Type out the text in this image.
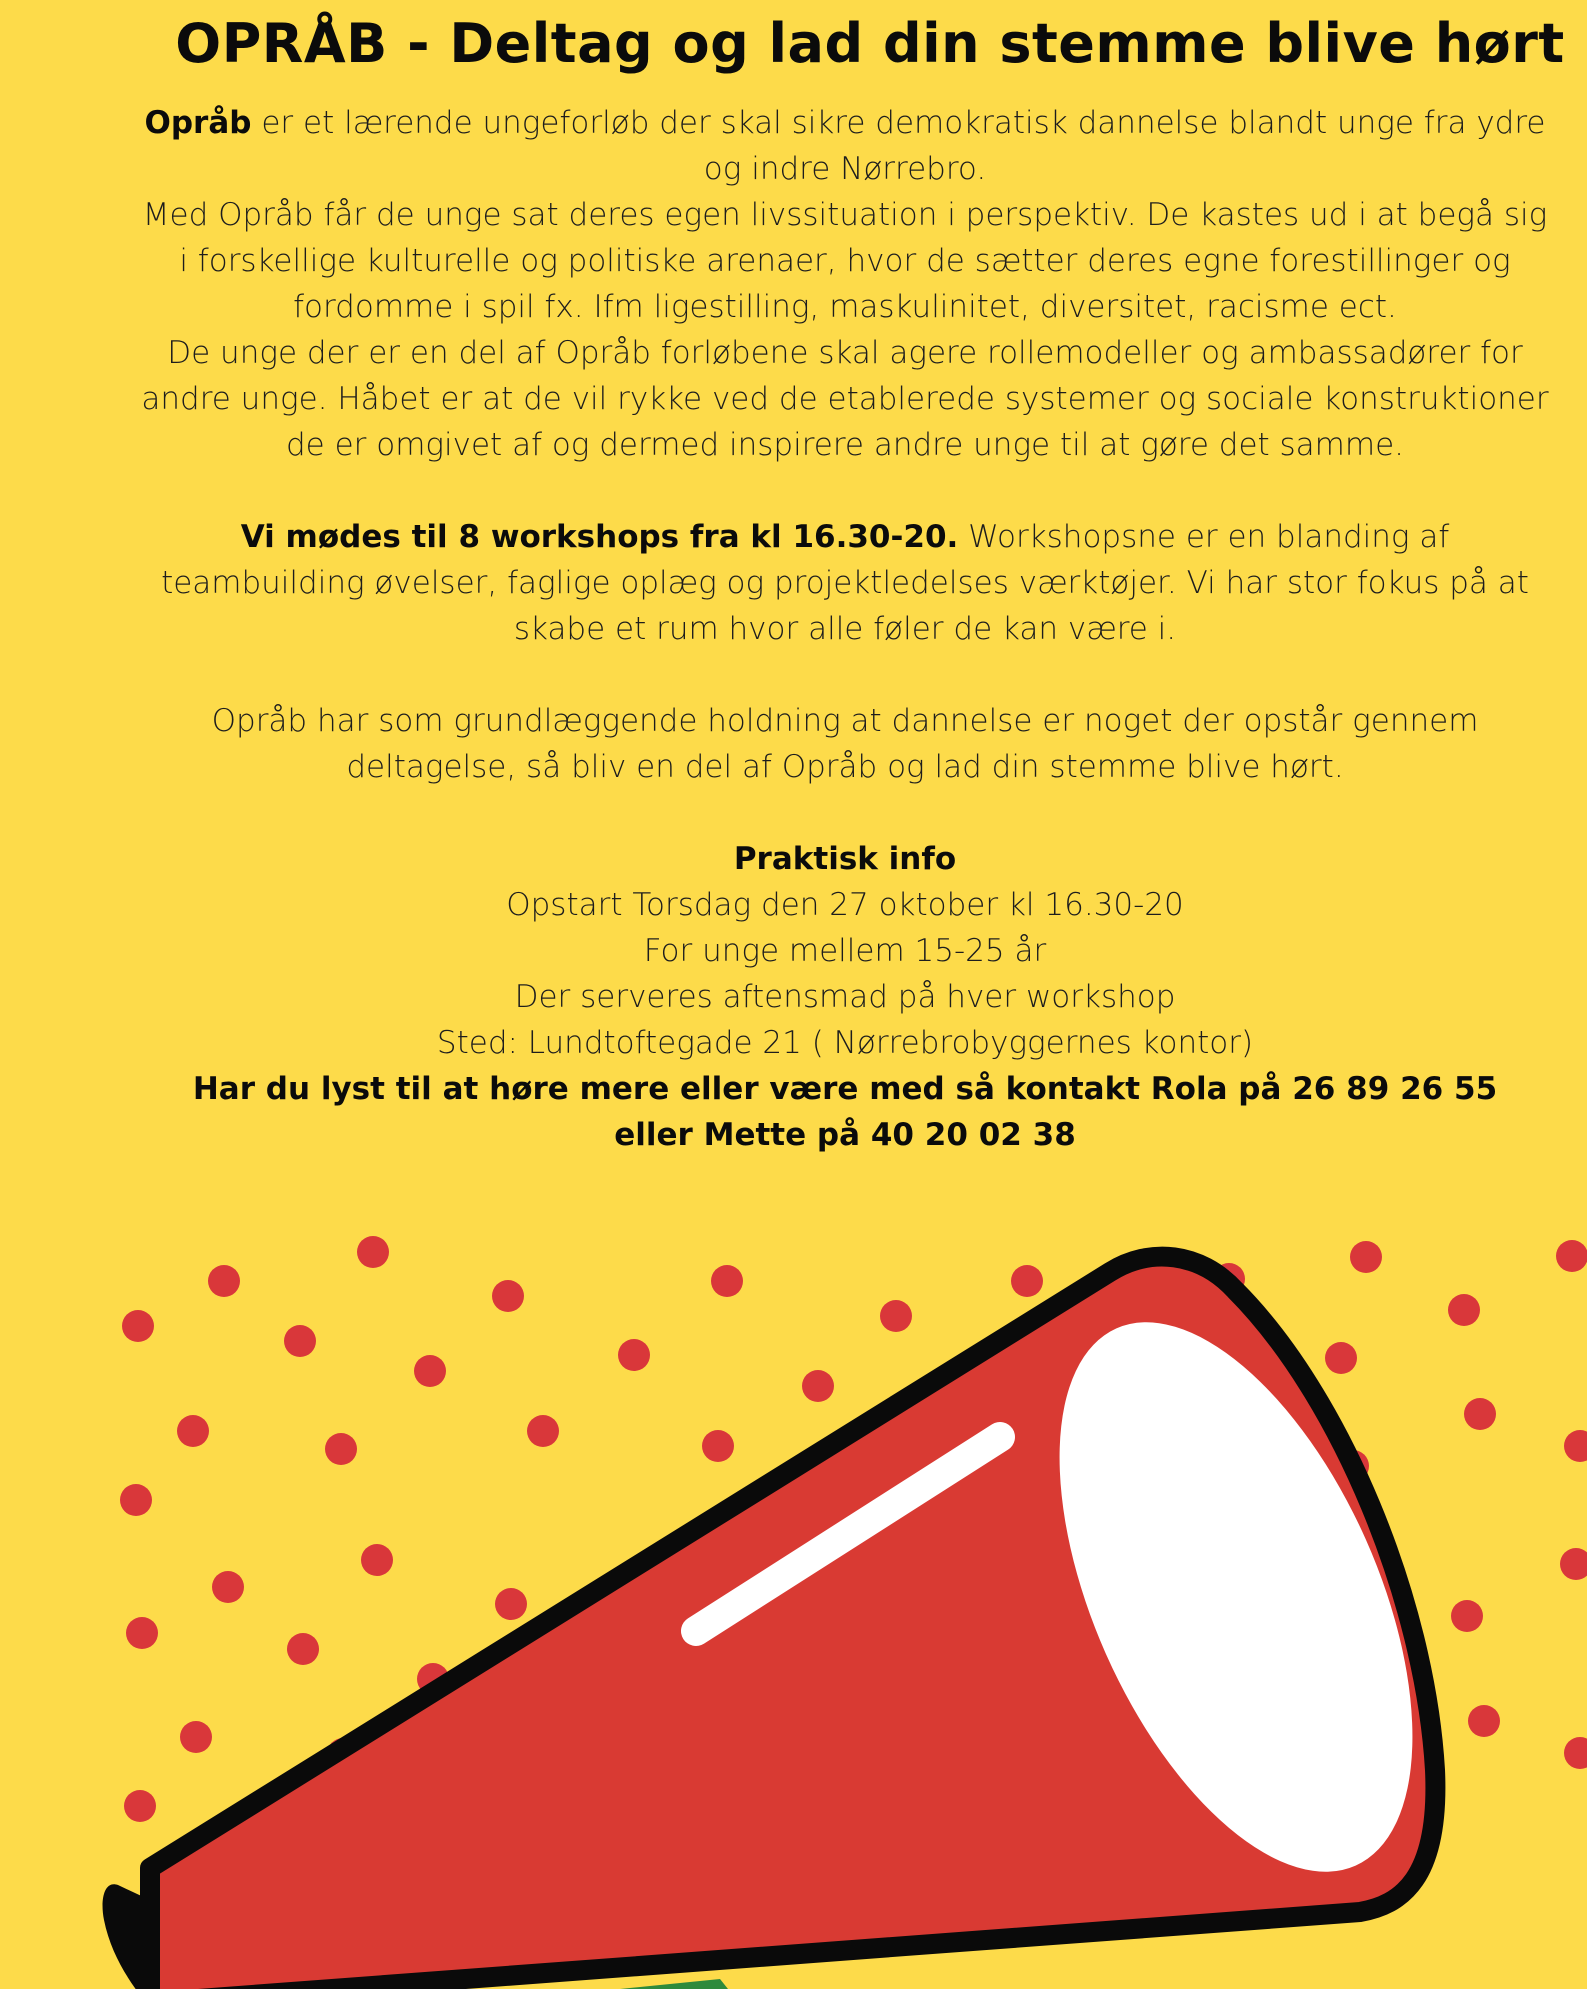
OPRÅB - Deltag og lad din stemme blive hørt

Opråb er et lærende ungeforløb der skal sikre demokratisk dannelse blandt unge fra ydre og indre Nørrebro.

Med Opråb får de unge sat deres egen livssituation i perspektiv. De kastes ud i at begå sig i forskellige kulturelle og politiske arenaer, hvor de sætter deres egne forestillinger og fordomme i spil fx. Ifm ligestilling, maskulinitet, diversitet, racisme ect.

De unge der er en del af Opråb forløbene skal agere rollemodeller og ambassadører for andre unge. Håbet er at de vil rykke ved de etablerede systemer og sociale konstruktioner de er omgivet af og dermed inspirere andre unge til at gøre det samme.

Vi mødes til 8 workshops fra kl 16.30-20. Workshopsne er en blanding af teambuilding øvelser, faglige oplæg og projektledelses værktøjer. Vi har stor fokus på at skabe et rum hvor alle føler de kan være i.

Opråb har som grundlæggende holdning at dannelse er noget der opstår gennem deltagelse, så bliv en del af Opråb og lad din stemme blive hørt.

Praktisk info

Opstart Torsdag den 27 oktober kl 16.30-20

For unge mellem 15-25 år

Der serveres aftensmad på hver workshop

Sted: Lundtoftegade 21 ( Nørrebrobyggernes kontor)

Har du lyst til at høre mere eller være med så kontakt Rola på 26 89 26 55

eller Mette på 40 20 02 38
